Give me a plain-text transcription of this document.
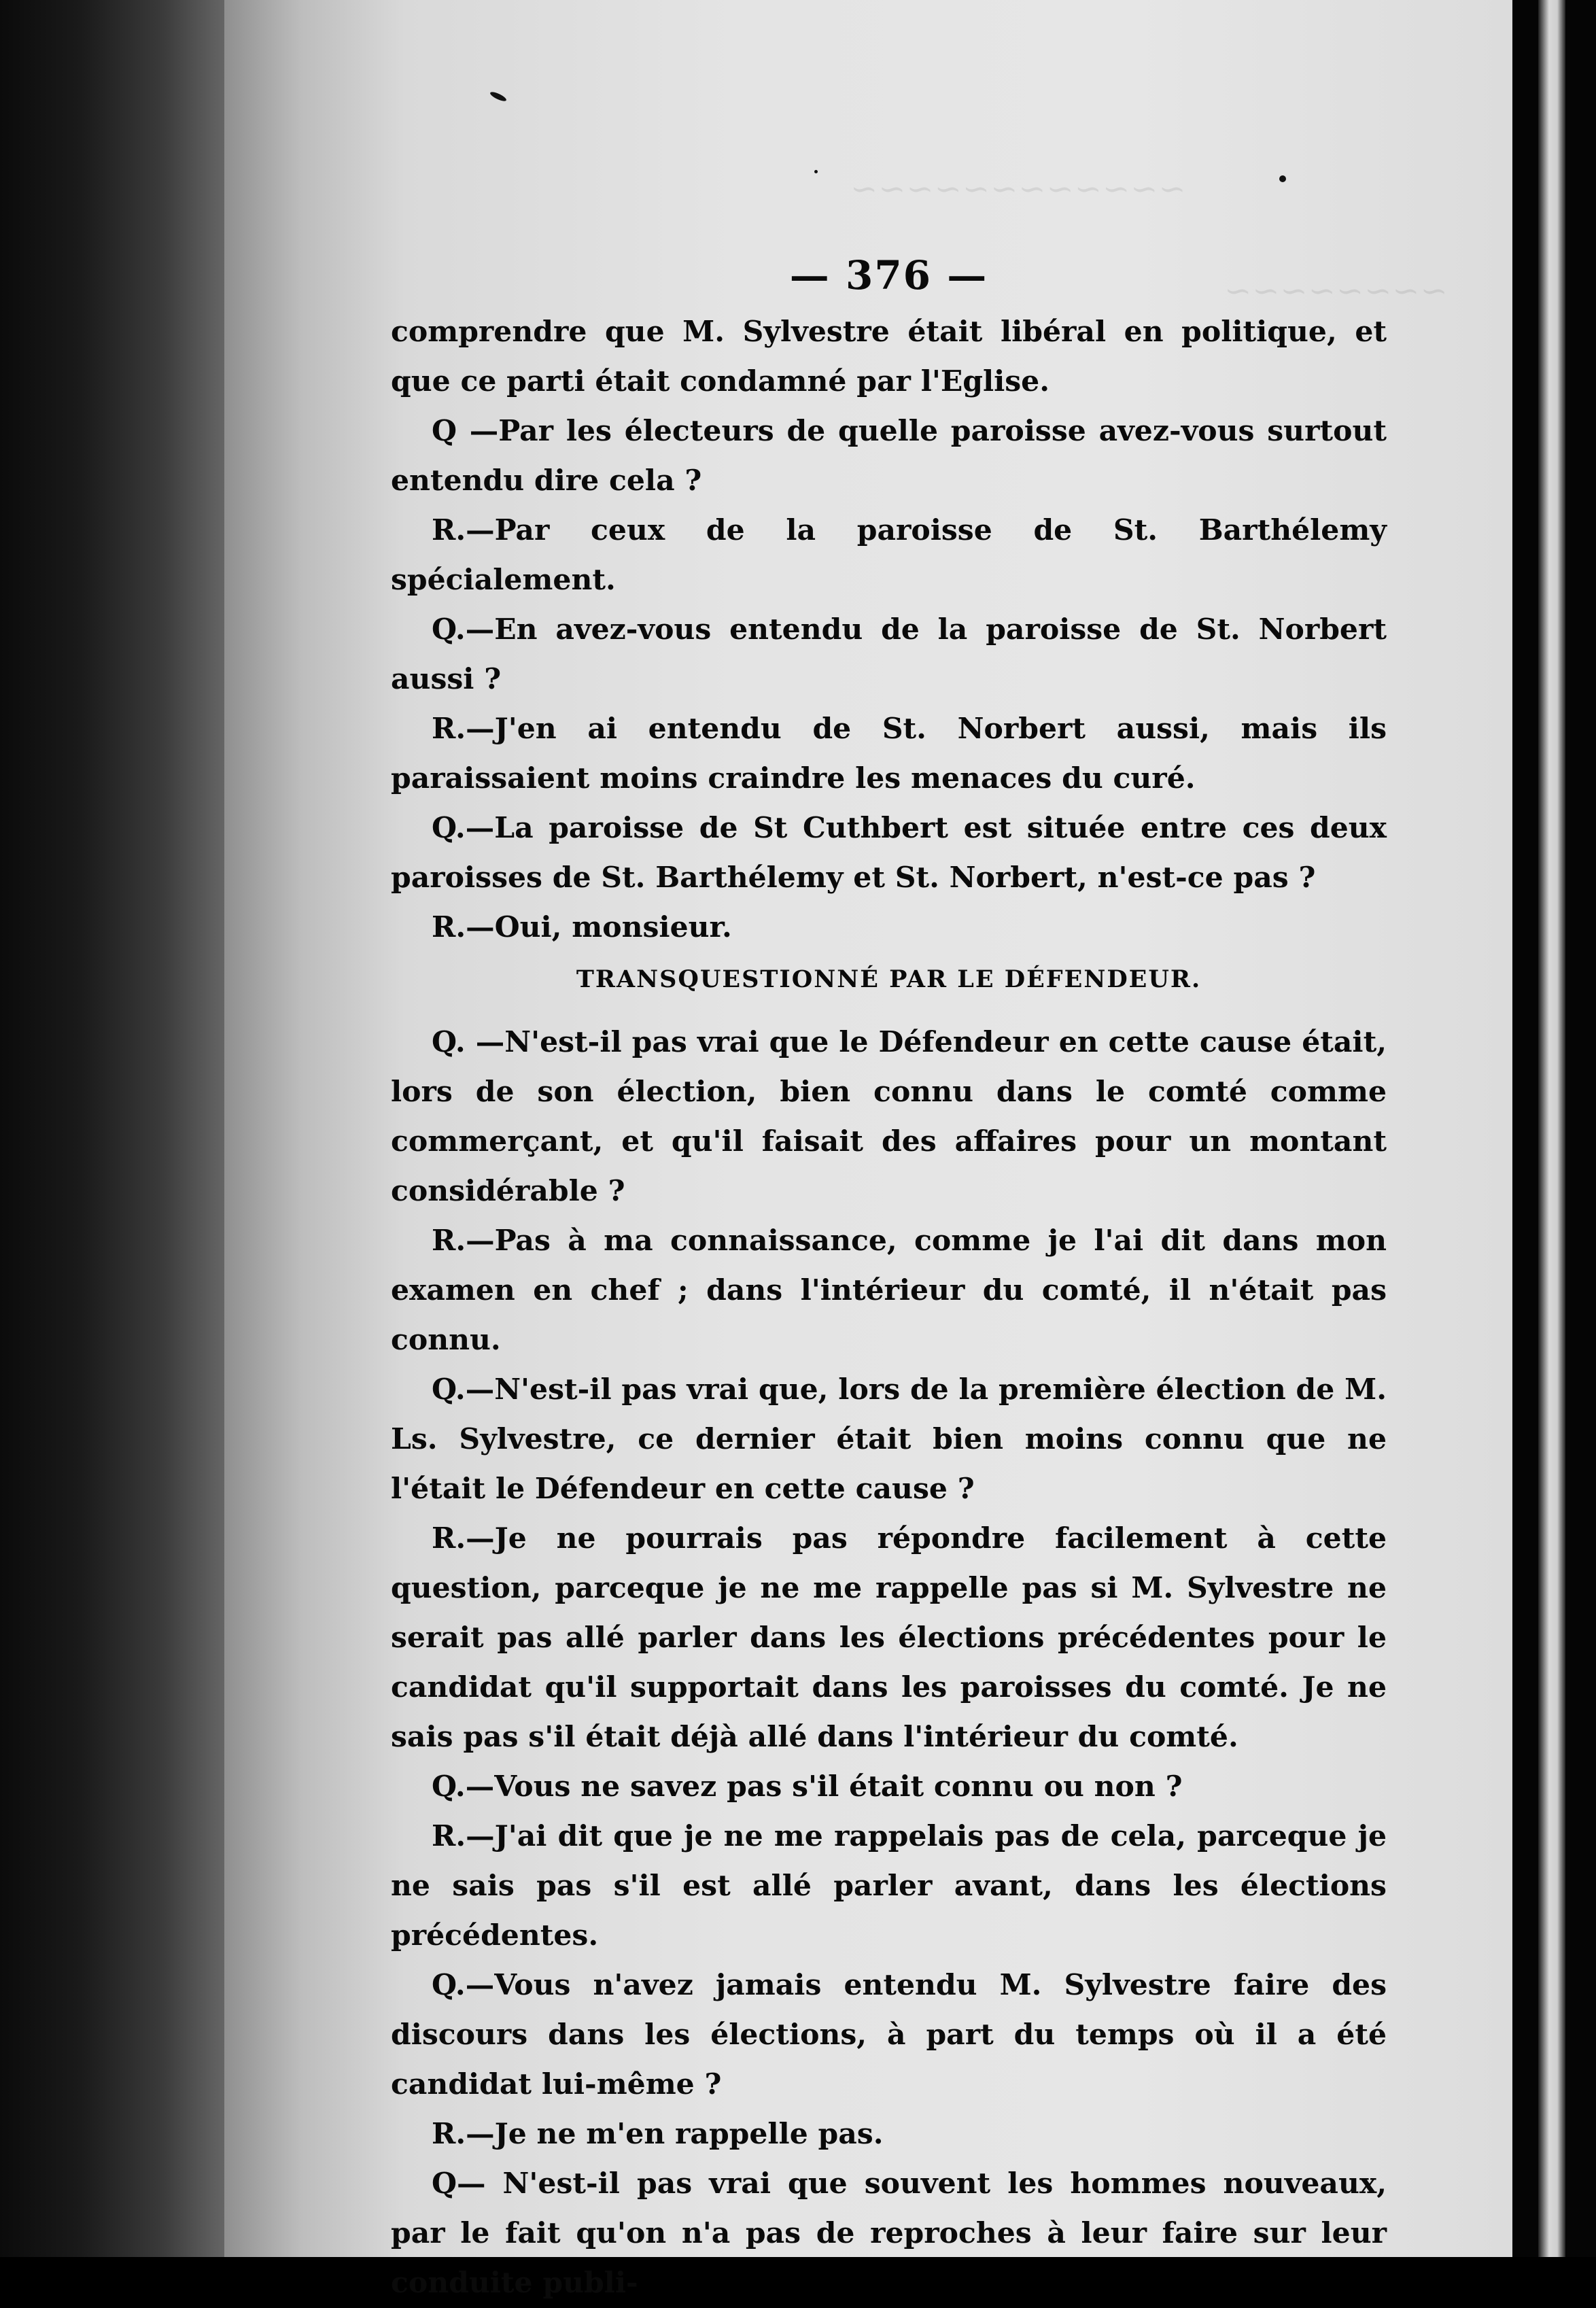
~~~~~~~~~~~~
~~~~~~~~
— 376 —

comprendre que M. Sylvestre était libéral en politique, et que ce parti était condamné par l'Eglise.

Q —Par les électeurs de quelle paroisse avez-vous surtout entendu dire cela ?

R.—Par ceux de la paroisse de St. Barthélemy spécialement.

Q.—En avez-vous entendu de la paroisse de St. Norbert aussi ?

R.—J'en ai entendu de St. Norbert aussi, mais ils paraissaient moins craindre les menaces du curé.

Q.—La paroisse de St Cuthbert est située entre ces deux paroisses de St. Barthélemy et St. Norbert, n'est-ce pas ?

R.—Oui, monsieur.

TRANSQUESTIONNÉ PAR LE DÉFENDEUR.

Q. —N'est-il pas vrai que le Défendeur en cette cause était, lors de son élection, bien connu dans le comté comme commerçant, et qu'il faisait des affaires pour un montant considérable ?

R.—Pas à ma connaissance, comme je l'ai dit dans mon examen en chef ; dans l'intérieur du comté, il n'était pas connu.

Q.—N'est-il pas vrai que, lors de la première élection de M. Ls. Sylvestre, ce dernier était bien moins connu que ne l'était le Défendeur en cette cause ?

R.—Je ne pourrais pas répondre facilement à cette question, parceque je ne me rappelle pas si M. Sylvestre ne serait pas allé parler dans les élections précédentes pour le candidat qu'il supportait dans les paroisses du comté. Je ne sais pas s'il était déjà allé dans l'intérieur du comté.

Q.—Vous ne savez pas s'il était connu ou non ?

R.—J'ai dit que je ne me rappelais pas de cela, parceque je ne sais pas s'il est allé parler avant, dans les élections précédentes.

Q.—Vous n'avez jamais entendu M. Sylvestre faire des discours dans les élections, à part du temps où il a été candidat lui-même ?

R.—Je ne m'en rappelle pas.

Q— N'est-il pas vrai que souvent les hommes nouveaux, par le fait qu'on n'a pas de reproches à leur faire sur leur conduite publi-
